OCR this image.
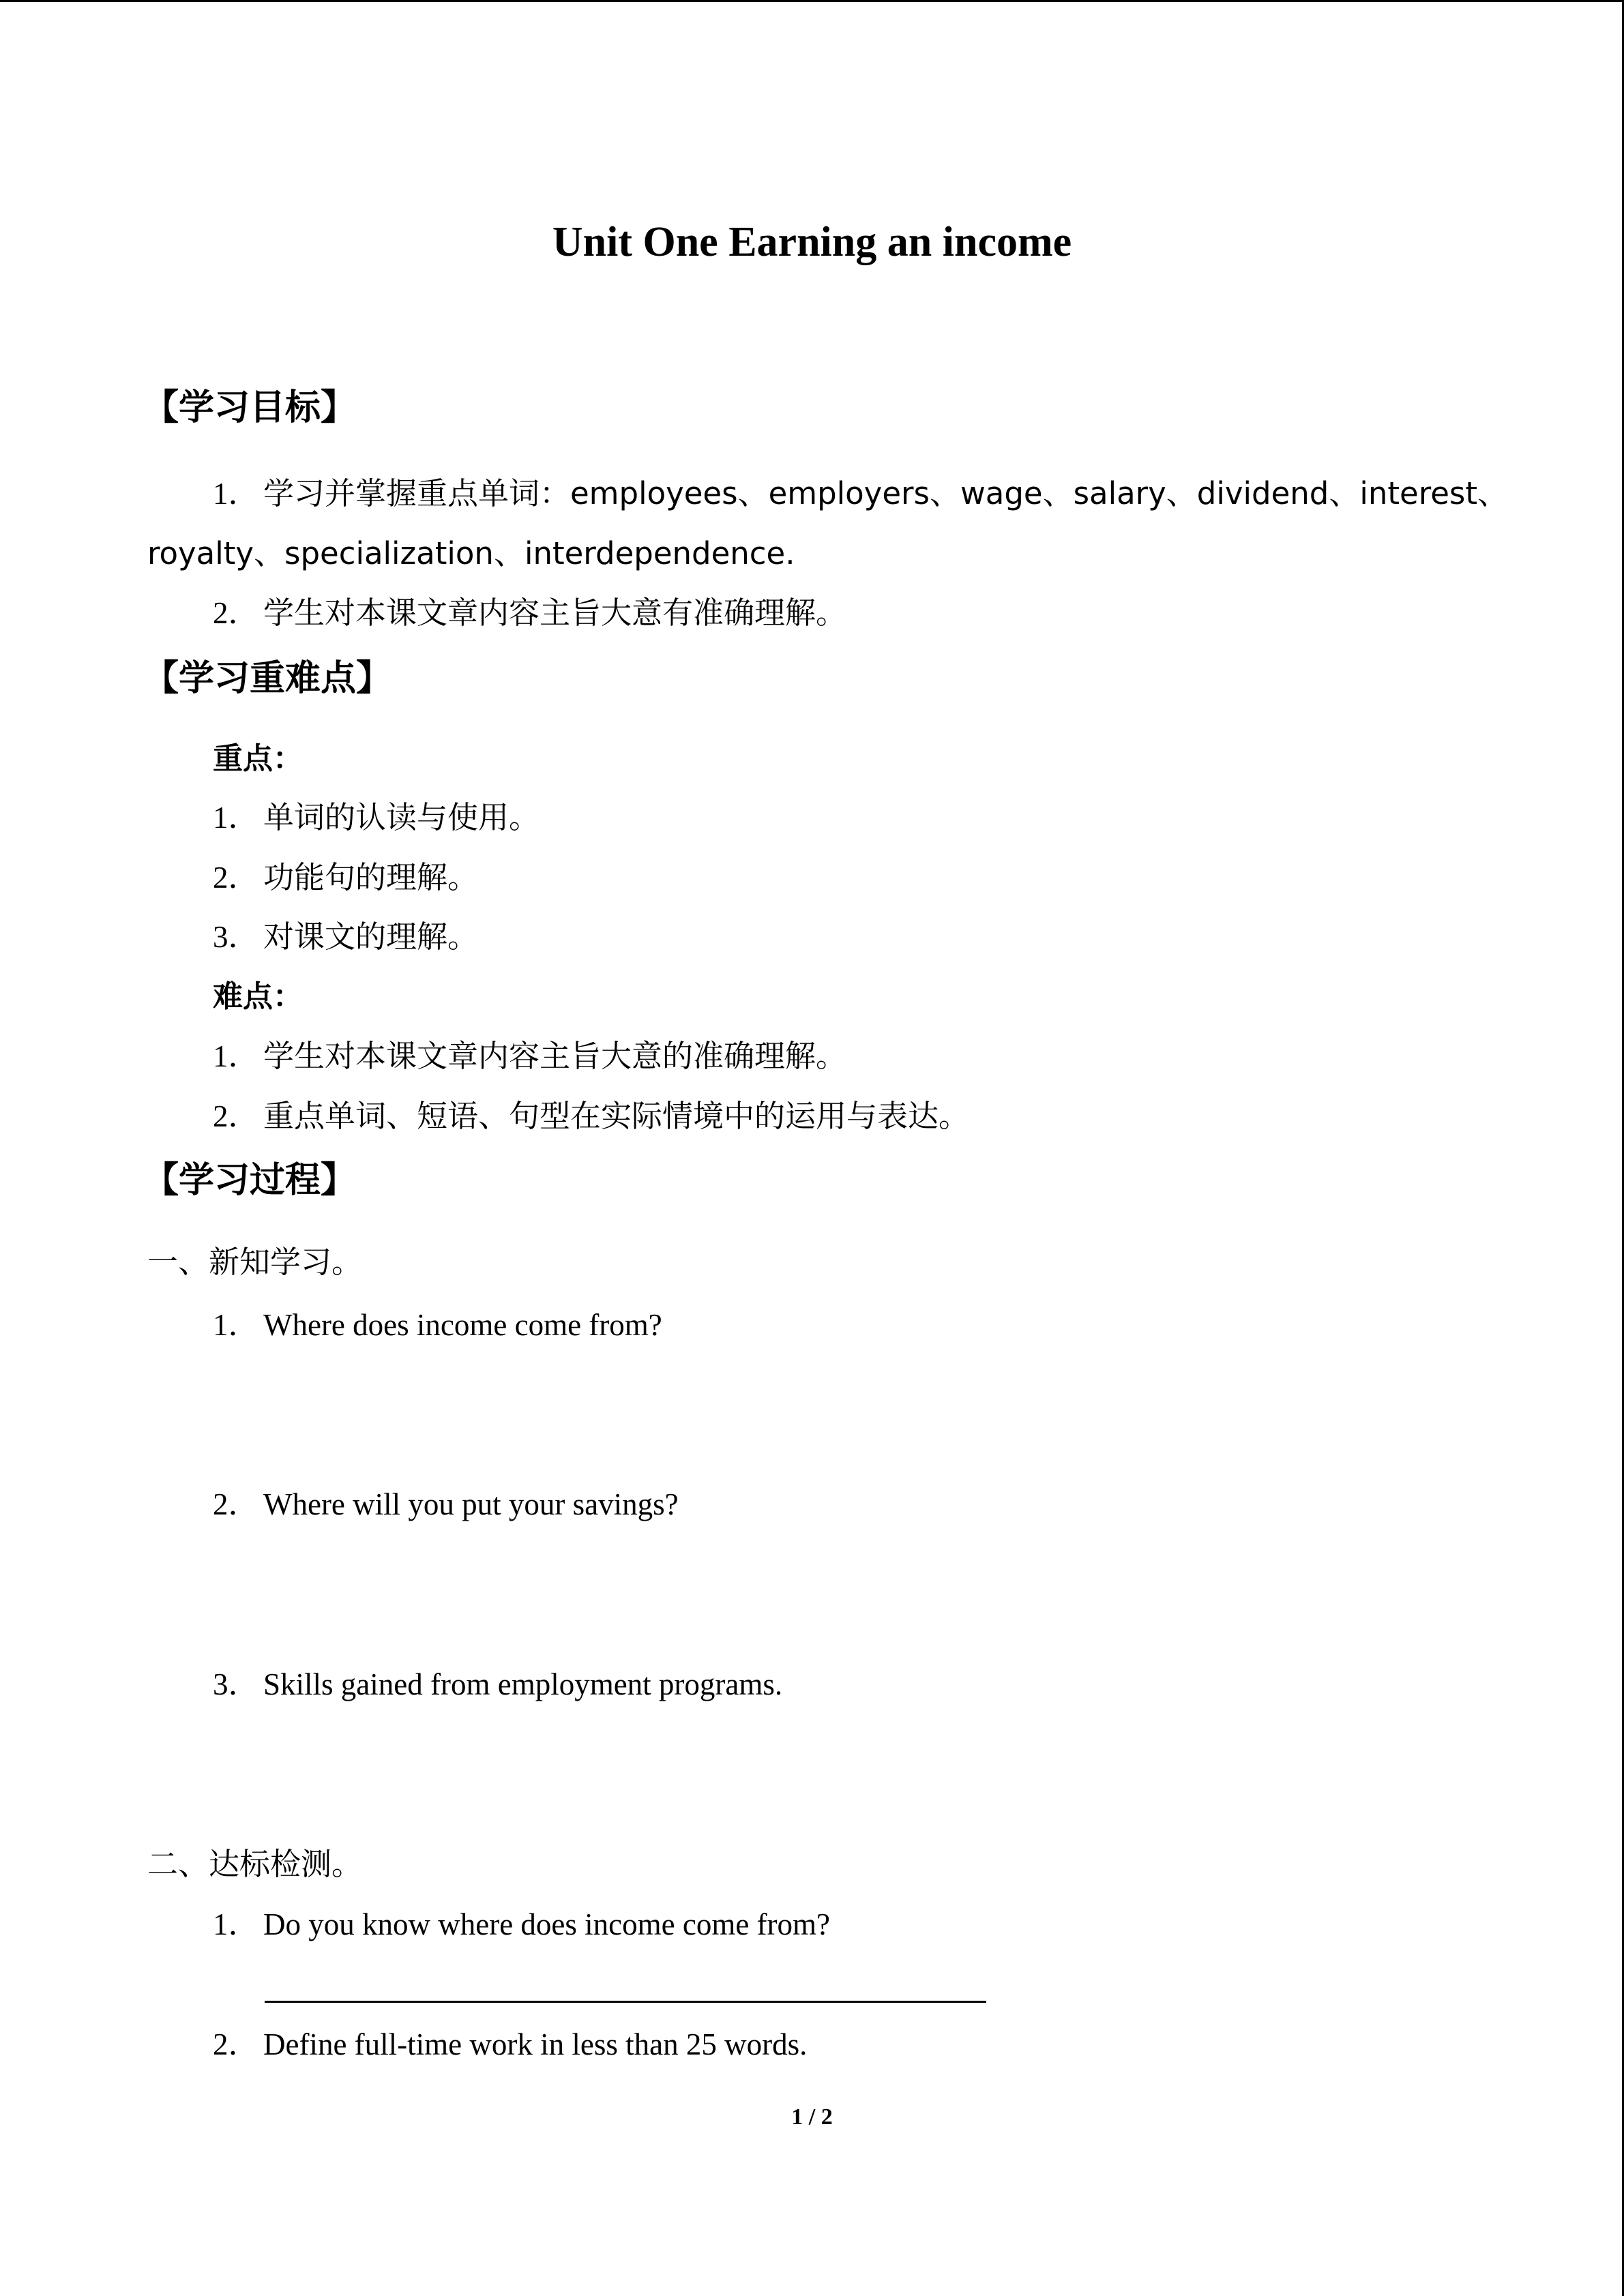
Unit One Earning an income
【学习目标】
1． 学习并掌握重点单词：employees、employers、wage、salary、dividend、interest、
royalty、specialization、interdependence.
2． 学生对本课文章内容主旨大意有准确理解。
【学习重难点】
重点：
1． 单词的认读与使用。
2． 功能句的理解。
3． 对课文的理解。
难点：
1． 学生对本课文章内容主旨大意的准确理解。
2． 重点单词、短语、句型在实际情境中的运用与表达。
【学习过程】
一、新知学习。
1． Where does income come from?
2． Where will you put your savings?
3． Skills gained from employment programs.
二、达标检测。
1． Do you know where does income come from?
2． Define full-time work in less than 25 words.
1 / 2
